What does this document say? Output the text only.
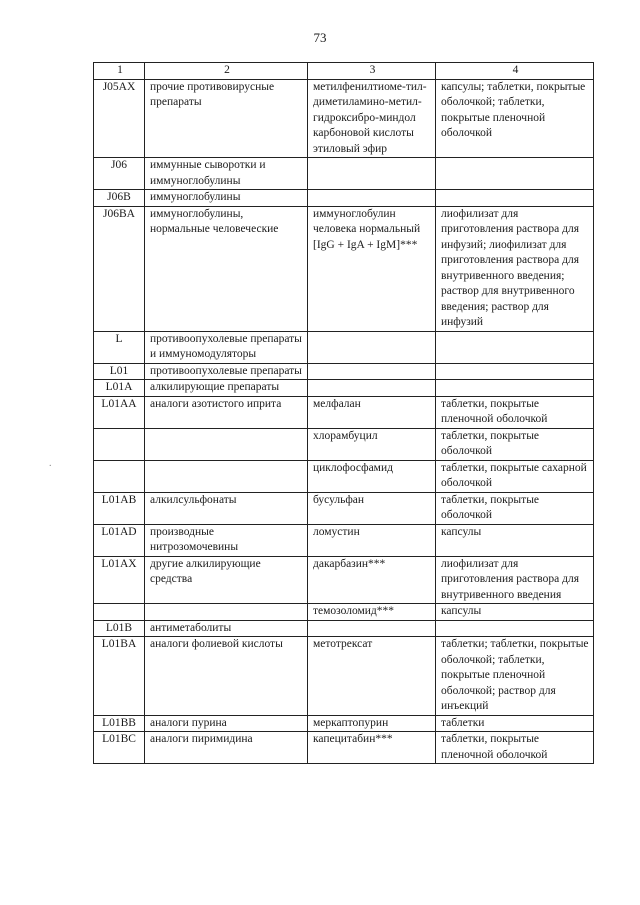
73
.
1	2	3	4
J05AX	прочие противовирусные препараты	метилфенилтиоме-тил-диметиламино-метил-гидроксибро-миндол карбоновой кислоты этиловый эфир	капсулы; таблетки, покрытые оболочкой; таблетки, покрытые пленочной оболочкой
J06	иммунные сыворотки и иммуноглобулины		
J06B	иммуноглобулины		
J06BA	иммуноглобулины, нормальные человеческие	иммуноглобулин человека нормальный [IgG + IgA + IgM]***	лиофилизат для приготовления раствора для инфузий; лиофилизат для приготовления раствора для внутривенного введения; раствор для внутривенного введения; раствор для инфузий
L	противоопухолевые препараты и иммуномодуляторы		
L01	противоопухолевые препараты		
L01A	алкилирующие препараты		
L01AA	аналоги азотистого иприта	мелфалан	таблетки, покрытые пленочной оболочкой
		хлорамбуцил	таблетки, покрытые оболочкой
		циклофосфамид	таблетки, покрытые сахарной оболочкой
L01AB	алкилсульфонаты	бусульфан	таблетки, покрытые оболочкой
L01AD	производные нитрозомочевины	ломустин	капсулы
L01AX	другие алкилирующие средства	дакарбазин***	лиофилизат для приготовления раствора для внутривенного введения
		темозоломид***	капсулы
L01B	антиметаболиты		
L01BA	аналоги фолиевой кислоты	метотрексат	таблетки; таблетки, покрытые оболочкой; таблетки, покрытые пленочной оболочкой; раствор для инъекций
L01BB	аналоги пурина	меркаптопурин	таблетки
L01BC	аналоги пиримидина	капецитабин***	таблетки, покрытые пленочной оболочкой
